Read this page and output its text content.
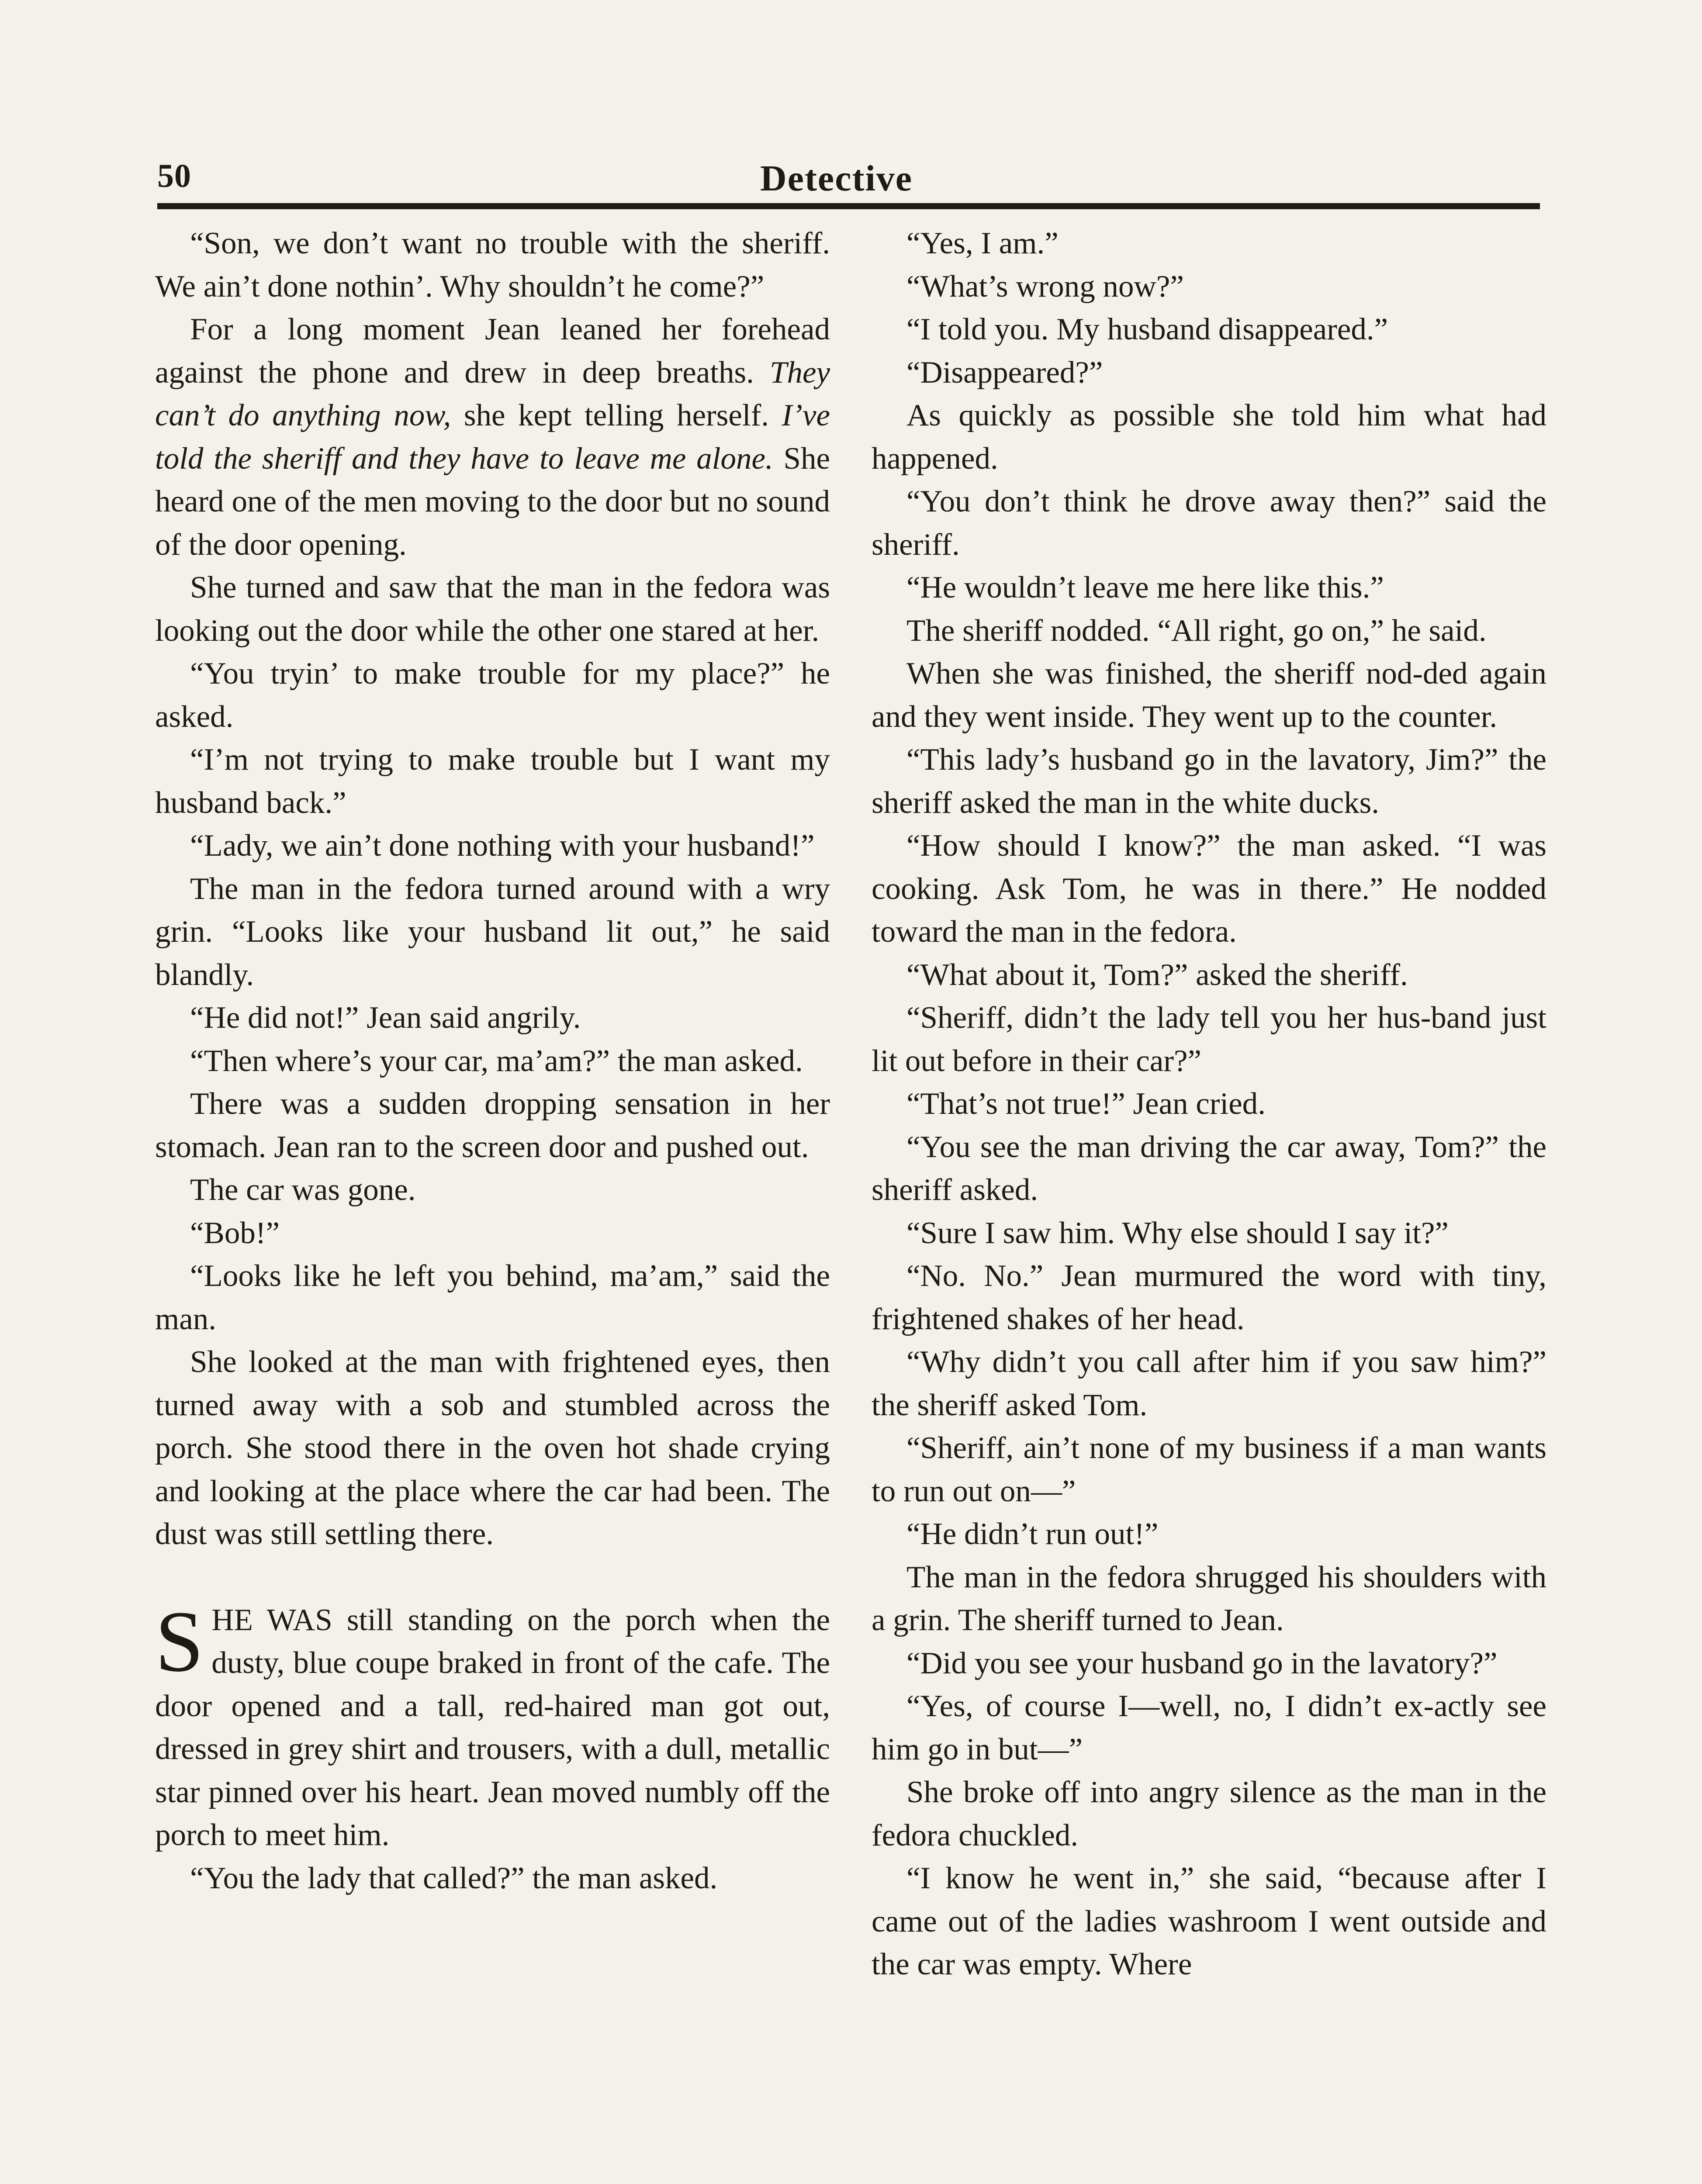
50	Detective

“Son, we don’t want no trouble with the sheriff. We ain’t done nothin’. Why shouldn’t he come?”

For a long moment Jean leaned her forehead against the phone and drew in deep breaths. They can’t do anything now, she kept telling herself. I’ve told the sheriff and they have to leave me alone. She heard one of the men moving to the door but no sound of the door opening.

She turned and saw that the man in the fedora was looking out the door while the other one stared at her.

“You tryin’ to make trouble for my place?” he asked.

“I’m not trying to make trouble but I want my husband back.”

“Lady, we ain’t done nothing with your husband!”

The man in the fedora turned around with a wry grin. “Looks like your husband lit out,” he said blandly.

“He did not!” Jean said angrily.

“Then where’s your car, ma’am?” the man asked.

There was a sudden dropping sensation in her stomach. Jean ran to the screen door and pushed out.

The car was gone.

“Bob!”

“Looks like he left you behind, ma’am,” said the man.

She looked at the man with frightened eyes, then turned away with a sob and stumbled across the porch. She stood there in the oven hot shade crying and looking at the place where the car had been. The dust was still settling there.

SHE WAS still standing on the porch when the dusty, blue coupe braked in front of the cafe. The door opened and a tall, red-haired man got out, dressed in grey shirt and trousers, with a dull, metallic star pinned over his heart. Jean moved numbly off the porch to meet him.

“You the lady that called?” the man asked.

“Yes, I am.”

“What’s wrong now?”

“I told you. My husband disappeared.”

“Disappeared?”

As quickly as possible she told him what had happened.

“You don’t think he drove away then?” said the sheriff.

“He wouldn’t leave me here like this.”

The sheriff nodded. “All right, go on,” he said.

When she was finished, the sheriff nod-ded again and they went inside. They went up to the counter.

“This lady’s husband go in the lavatory, Jim?” the sheriff asked the man in the white ducks.

“How should I know?” the man asked. “I was cooking. Ask Tom, he was in there.” He nodded toward the man in the fedora.

“What about it, Tom?” asked the sheriff.

“Sheriff, didn’t the lady tell you her hus-band just lit out before in their car?”

“That’s not true!” Jean cried.

“You see the man driving the car away, Tom?” the sheriff asked.

“Sure I saw him. Why else should I say it?”

“No. No.” Jean murmured the word with tiny, frightened shakes of her head.

“Why didn’t you call after him if you saw him?” the sheriff asked Tom.

“Sheriff, ain’t none of my business if a man wants to run out on—”

“He didn’t run out!”

The man in the fedora shrugged his shoulders with a grin. The sheriff turned to Jean.

“Did you see your husband go in the lavatory?”

“Yes, of course I—well, no, I didn’t ex-actly see him go in but—”

She broke off into angry silence as the man in the fedora chuckled.

“I know he went in,” she said, “because after I came out of the ladies washroom I went outside and the car was empty. Where
